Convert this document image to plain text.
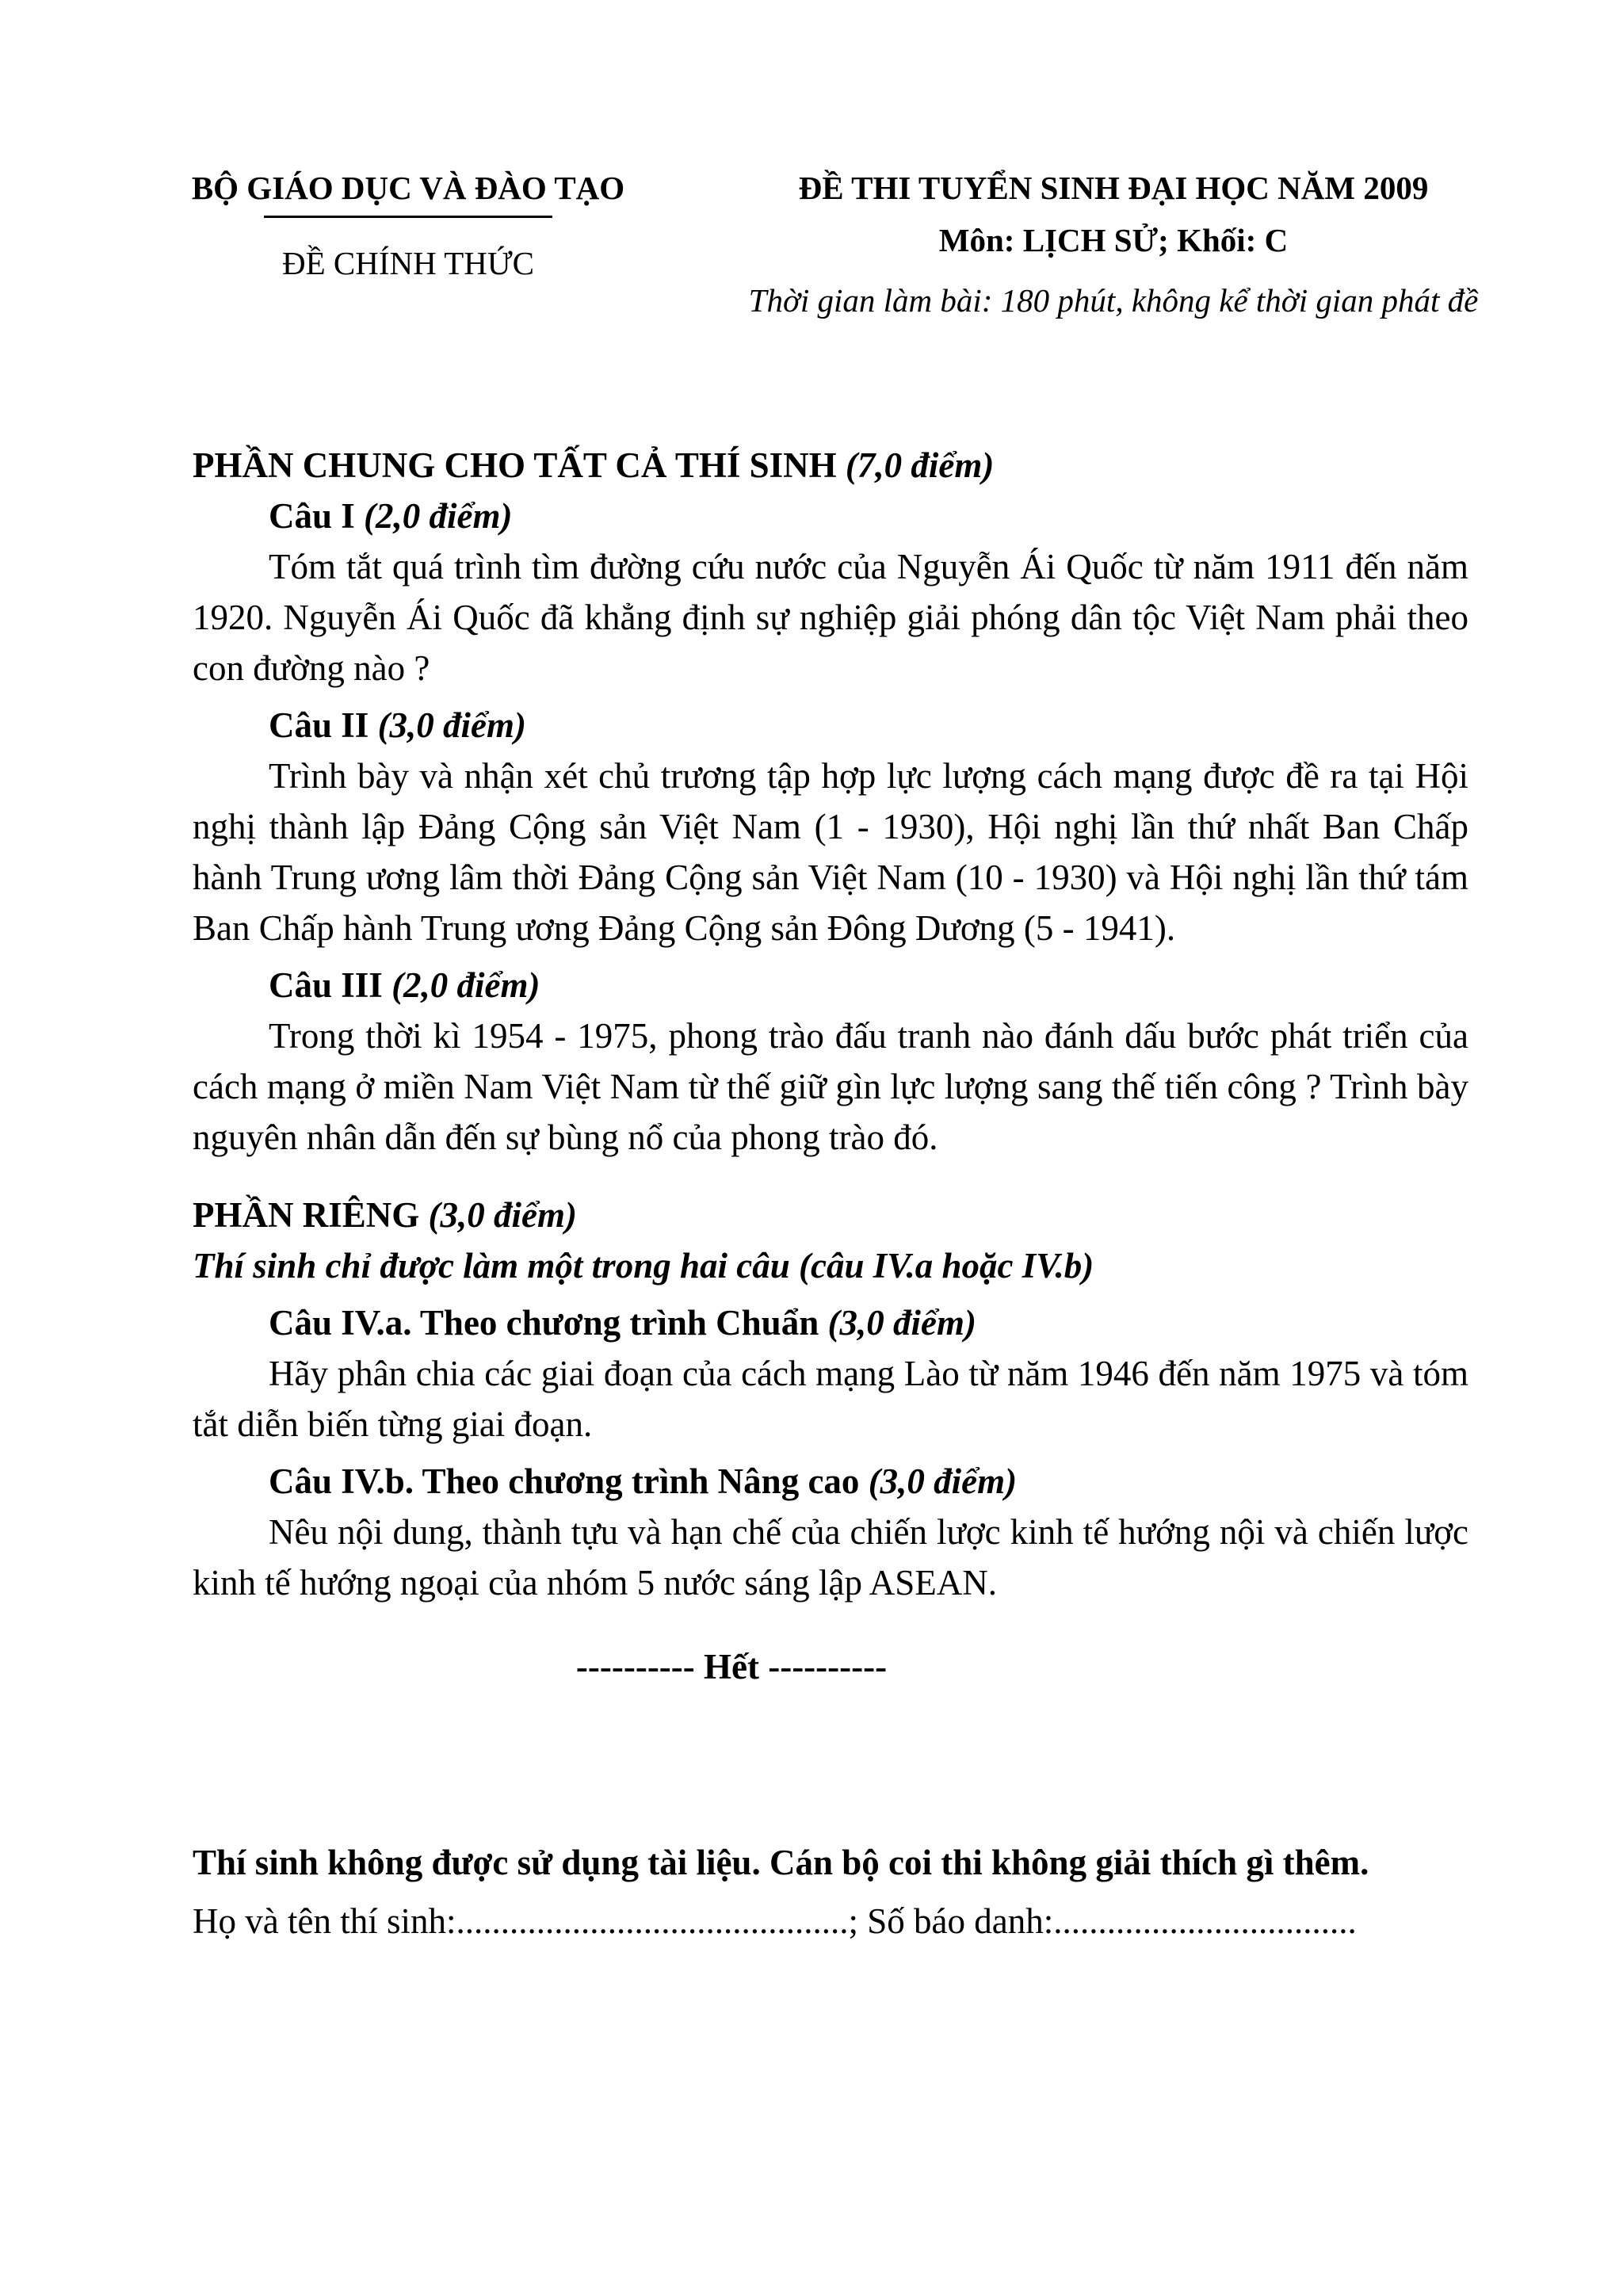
BỘ GIÁO DỤC VÀ ĐÀO TẠO
ĐỀ CHÍNH THỨC
ĐỀ THI TUYỂN SINH ĐẠI HỌC NĂM 2009
Môn: LỊCH SỬ; Khối: C
Thời gian làm bài: 180 phút, không kể thời gian phát đề
PHẦN CHUNG CHO TẤT CẢ THÍ SINH (7,0 điểm)
Câu I (2,0 điểm)
Tóm tắt quá trình tìm đường cứu nước của Nguyễn Ái Quốc từ năm 1911 đến năm 1920. Nguyễn Ái Quốc đã khẳng định sự nghiệp giải phóng dân tộc Việt Nam phải theo con đường nào ?
Câu II (3,0 điểm)
Trình bày và nhận xét chủ trương tập hợp lực lượng cách mạng được đề ra tại Hội nghị thành lập Đảng Cộng sản Việt Nam (1 - 1930), Hội nghị lần thứ nhất Ban Chấp hành Trung ương lâm thời Đảng Cộng sản Việt Nam (10 - 1930) và Hội nghị lần thứ tám Ban Chấp hành Trung ương Đảng Cộng sản Đông Dương (5 - 1941).
Câu III (2,0 điểm)
Trong thời kì 1954 - 1975, phong trào đấu tranh nào đánh dấu bước phát triển của cách mạng ở miền Nam Việt Nam từ thế giữ gìn lực lượng sang thế tiến công ? Trình bày nguyên nhân dẫn đến sự bùng nổ của phong trào đó.
PHẦN RIÊNG (3,0 điểm)
Thí sinh chỉ được làm một trong hai câu (câu IV.a hoặc IV.b)
Câu IV.a. Theo chương trình Chuẩn (3,0 điểm)
Hãy phân chia các giai đoạn của cách mạng Lào từ năm 1946 đến năm 1975 và tóm tắt diễn biến từng giai đoạn.
Câu IV.b. Theo chương trình Nâng cao (3,0 điểm)
Nêu nội dung, thành tựu và hạn chế của chiến lược kinh tế hướng nội và chiến lược kinh tế hướng ngoại của nhóm 5 nước sáng lập ASEAN.
---------- Hết ----------
Thí sinh không được sử dụng tài liệu. Cán bộ coi thi không giải thích gì thêm.
Họ và tên thí sinh:............................................; Số báo danh:..................................
